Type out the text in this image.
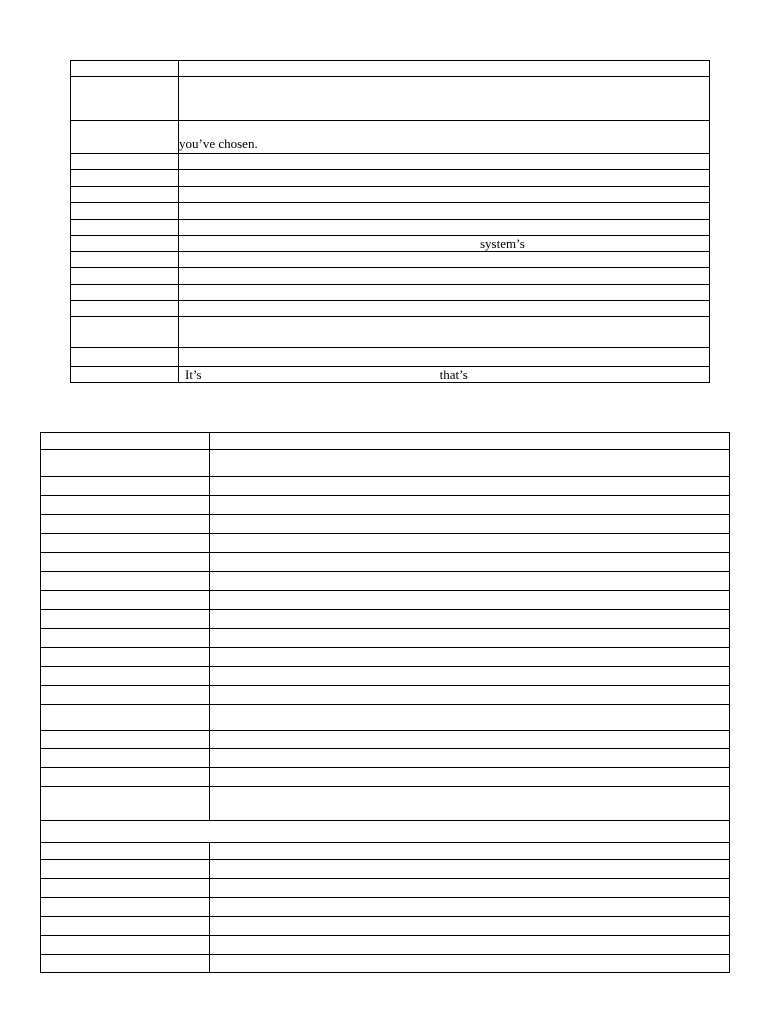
	you’ve chosen.

	system’s

	It’s that’s
